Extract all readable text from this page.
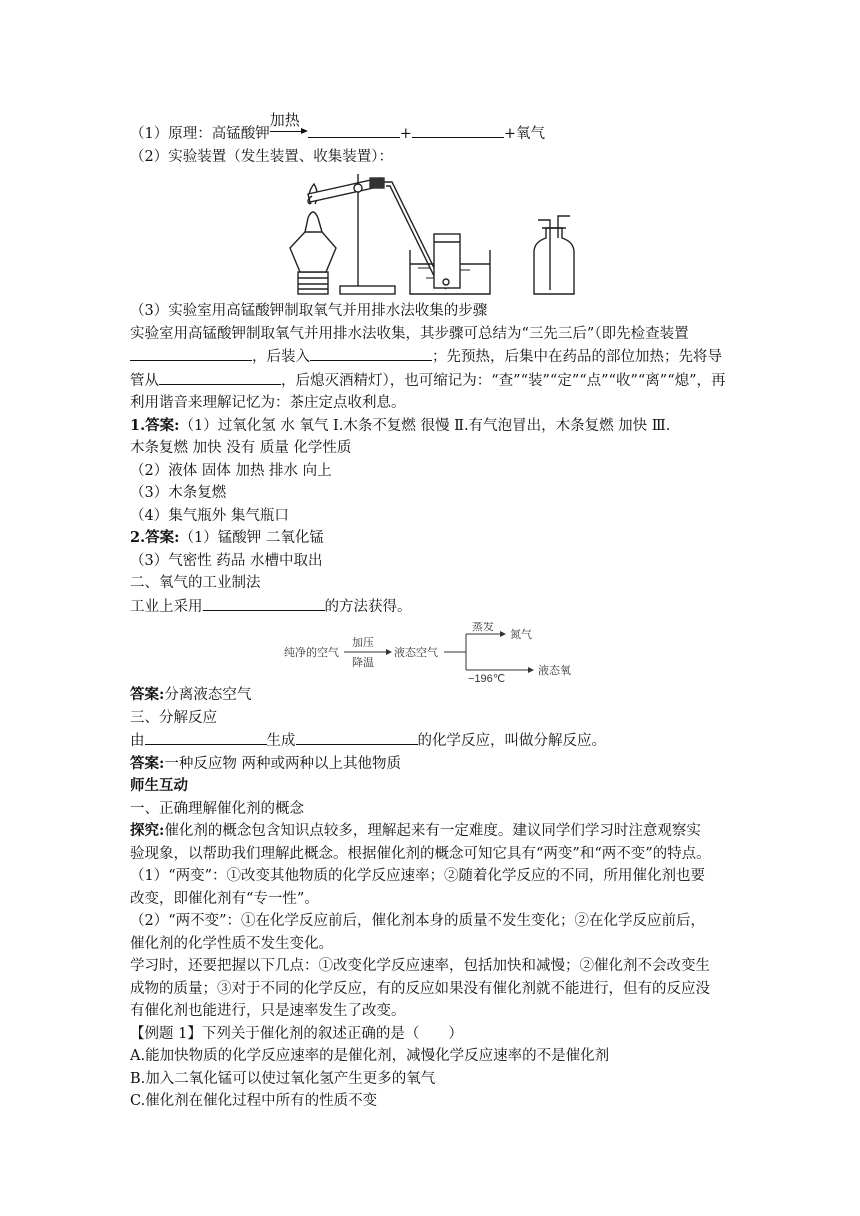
（1）原理：高锰酸钾
加热
+	+氧气
（2）实验装置（发生装置、收集装置）：
（3）实验室用高锰酸钾制取氧气并用排水法收集的步骤
实验室用高锰酸钾制取氧气并用排水法收集，其步骤可总结为“三先三后”（即先检查装置
，后装入	；先预热，后集中在药品的部位加热；先将导
管从	，后熄灭酒精灯），也可缩记为：“查”“装”“定”“点”“收”“离”“熄”，再
利用谐音来理解记忆为：茶庄定点收利息。
1.答案:（1）过氧化氢 水 氧气 Ⅰ.木条不复燃 很慢 Ⅱ.有气泡冒出，木条复燃 加快 Ⅲ.
木条复燃 加快 没有 质量 化学性质
（2）液体 固体 加热 排水 向上
（3）木条复燃
（4）集气瓶外 集气瓶口
2.答案:（1）锰酸钾 二氧化锰
（3）气密性 药品 水槽中取出
二、氧气的工业制法
工业上采用	的方法获得。
纯净的空气
加压
降温
液态空气
蒸发
氮气
−196℃
液态氧
答案:分离液态空气
三、分解反应
由	生成	的化学反应，叫做分解反应。
答案:一种反应物 两种或两种以上其他物质
师生互动
一、正确理解催化剂的概念
探究:催化剂的概念包含知识点较多，理解起来有一定难度。建议同学们学习时注意观察实
验现象，以帮助我们理解此概念。根据催化剂的概念可知它具有“两变”和“两不变”的特点。
（1）“两变”：①改变其他物质的化学反应速率；②随着化学反应的不同，所用催化剂也要
改变，即催化剂有“专一性”。
（2）“两不变”：①在化学反应前后，催化剂本身的质量不发生变化；②在化学反应前后，
催化剂的化学性质不发生变化。
学习时，还要把握以下几点：①改变化学反应速率，包括加快和减慢；②催化剂不会改变生
成物的质量；③对于不同的化学反应，有的反应如果没有催化剂就不能进行，但有的反应没
有催化剂也能进行，只是速率发生了改变。
【例题 1】下列关于催化剂的叙述正确的是（　　）
A.能加快物质的化学反应速率的是催化剂，减慢化学反应速率的不是催化剂
B.加入二氧化锰可以使过氧化氢产生更多的氧气
C.催化剂在催化过程中所有的性质不变
